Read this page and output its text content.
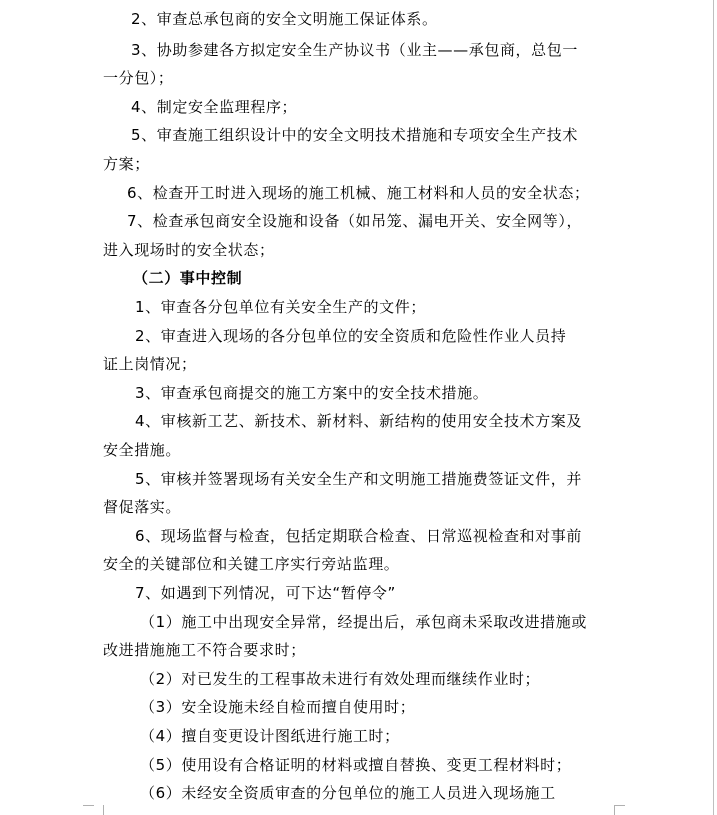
2、审查总承包商的安全文明施工保证体系。
3、协助参建各方拟定安全生产协议书（业主——承包商，总包一
一分包）；
4、制定安全监理程序；
5、审查施工组织设计中的安全文明技术措施和专项安全生产技术
方案；
6、检查开工时进入现场的施工机械、施工材料和人员的安全状态；
7、检查承包商安全设施和设备（如吊笼、漏电开关、安全网等），
进入现场时的安全状态；
（二）事中控制
1、审查各分包单位有关安全生产的文件；
2、审查进入现场的各分包单位的安全资质和危险性作业人员持
证上岗情况；
3、审查承包商提交的施工方案中的安全技术措施。
4、审核新工艺、新技术、新材料、新结构的使用安全技术方案及
安全措施。
5、审核并签署现场有关安全生产和文明施工措施费签证文件，并
督促落实。
6、现场监督与检查，包括定期联合检查、日常巡视检查和对事前
安全的关键部位和关键工序实行旁站监理。
7、如遇到下列情况，可下达“暂停令”
（1）施工中出现安全异常，经提出后，承包商未采取改进措施或
改进措施施工不符合要求时；
（2）对已发生的工程事故未进行有效处理而继续作业时；
（3）安全设施未经自检而擅自使用时；
（4）擅自变更设计图纸进行施工时；
（5）使用设有合格证明的材料或擅自替换、变更工程材料时；
（6）未经安全资质审查的分包单位的施工人员进入现场施工
